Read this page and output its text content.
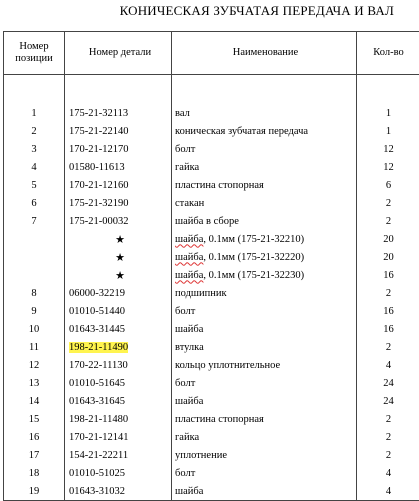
КОНИЧЕСКАЯ ЗУБЧАТАЯ ПЕРЕДАЧА И ВАЛ
Номер позиции	Номер детали	Наименование	Кол-во

1	175-21-32113	вал	1
2	175-21-22140	коническая зубчатая передача	1
3	170-21-12170	болт	12
4	01580-11613	гайка	12
5	170-21-12160	пластина стопорная	6
6	175-21-32190	стакан	2
7	175-21-00032	шайба в сборе	2
	★	шайба, 0.1мм (175-21-32210)	20
	★	шайба, 0.1мм (175-21-32220)	20
	★	шайба, 0.1мм (175-21-32230)	16
8	06000-32219	подшипник	2
9	01010-51440	болт	16
10	01643-31445	шайба	16
11	198-21-11490	втулка	2
12	170-22-11130	кольцо уплотнительное	4
13	01010-51645	болт	24
14	01643-31645	шайба	24
15	198-21-11480	пластина стопорная	2
16	170-21-12141	гайка	2
17	154-21-22211	уплотнение	2
18	01010-51025	болт	4
19	01643-31032	шайба	4
